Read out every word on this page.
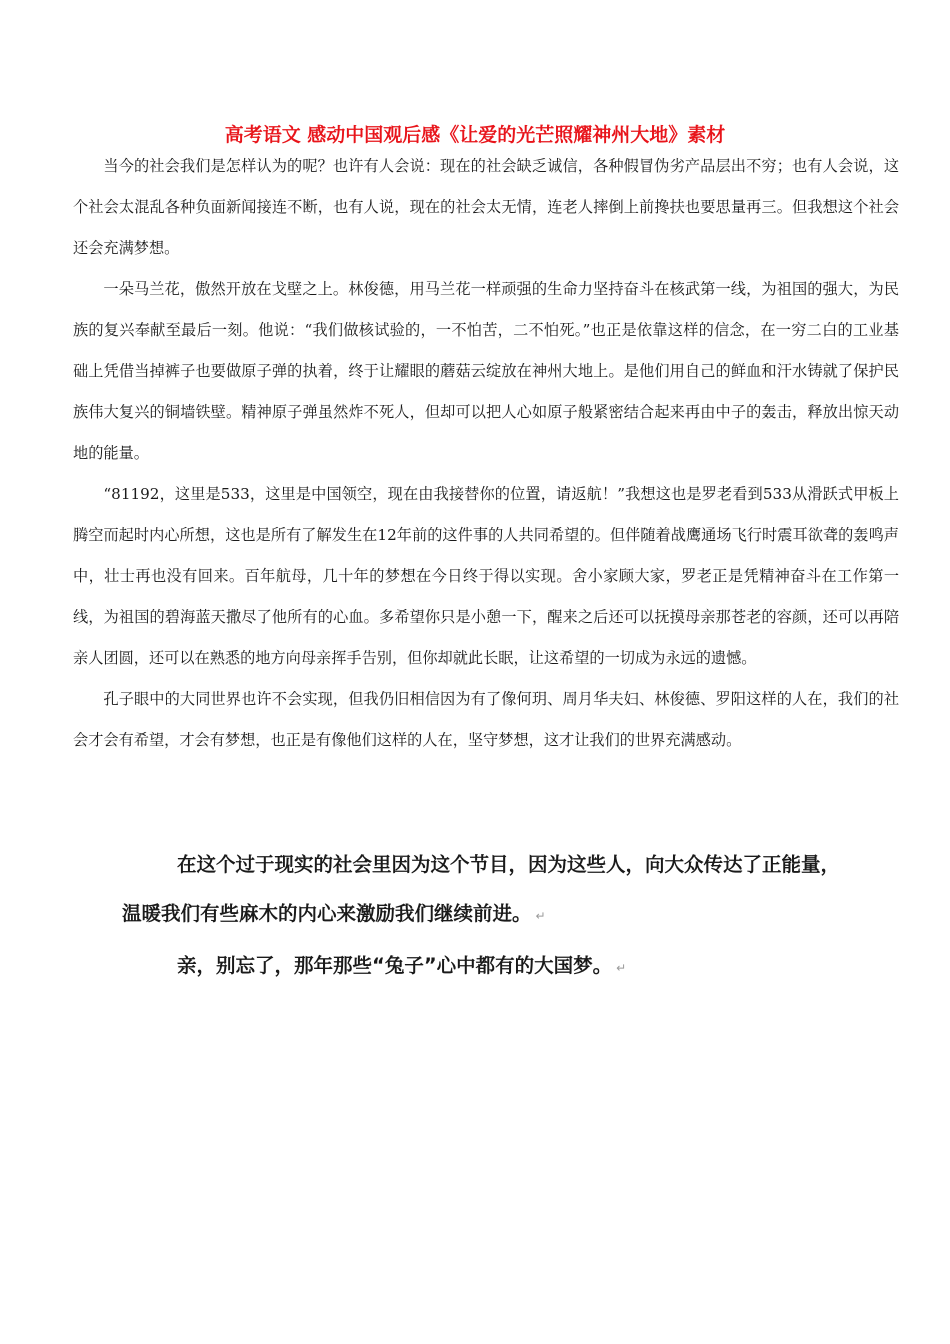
高考语文 感动中国观后感《让爱的光芒照耀神州大地》素材

当今的社会我们是怎样认为的呢？也许有人会说：现在的社会缺乏诚信，各种假冒伪劣产品层出不穷；也有人会说，这个社会太混乱各种负面新闻接连不断，也有人说，现在的社会太无情，连老人摔倒上前搀扶也要思量再三。但我想这个社会还会充满梦想。

一朵马兰花，傲然开放在戈壁之上。林俊德，用马兰花一样顽强的生命力坚持奋斗在核武第一线，为祖国的强大，为民族的复兴奉献至最后一刻。他说：“我们做核试验的，一不怕苦，二不怕死。”也正是依靠这样的信念，在一穷二白的工业基础上凭借当掉裤子也要做原子弹的执着，终于让耀眼的蘑菇云绽放在神州大地上。是他们用自己的鲜血和汗水铸就了保护民族伟大复兴的铜墙铁壁。精神原子弹虽然炸不死人，但却可以把人心如原子般紧密结合起来再由中子的轰击，释放出惊天动地的能量。

“81192，这里是533，这里是中国领空，现在由我接替你的位置，请返航！”我想这也是罗老看到533从滑跃式甲板上腾空而起时内心所想，这也是所有了解发生在12年前的这件事的人共同希望的。但伴随着战鹰通场飞行时震耳欲聋的轰鸣声中，壮士再也没有回来。百年航母，几十年的梦想在今日终于得以实现。舍小家顾大家，罗老正是凭精神奋斗在工作第一线，为祖国的碧海蓝天撒尽了他所有的心血。多希望你只是小憩一下，醒来之后还可以抚摸母亲那苍老的容颜，还可以再陪亲人团圆，还可以在熟悉的地方向母亲挥手告别，但你却就此长眠，让这希望的一切成为永远的遗憾。

孔子眼中的大同世界也许不会实现，但我仍旧相信因为有了像何玥、周月华夫妇、林俊德、罗阳这样的人在，我们的社会才会有希望，才会有梦想，也正是有像他们这样的人在，坚守梦想，这才让我们的世界充满感动。

在这个过于现实的社会里因为这个节目，因为这些人，向大众传达了正能量，

温暖我们有些麻木的内心来激励我们继续前进。 ↵

亲，别忘了，那年那些“兔子”心中都有的大国梦。 ↵
